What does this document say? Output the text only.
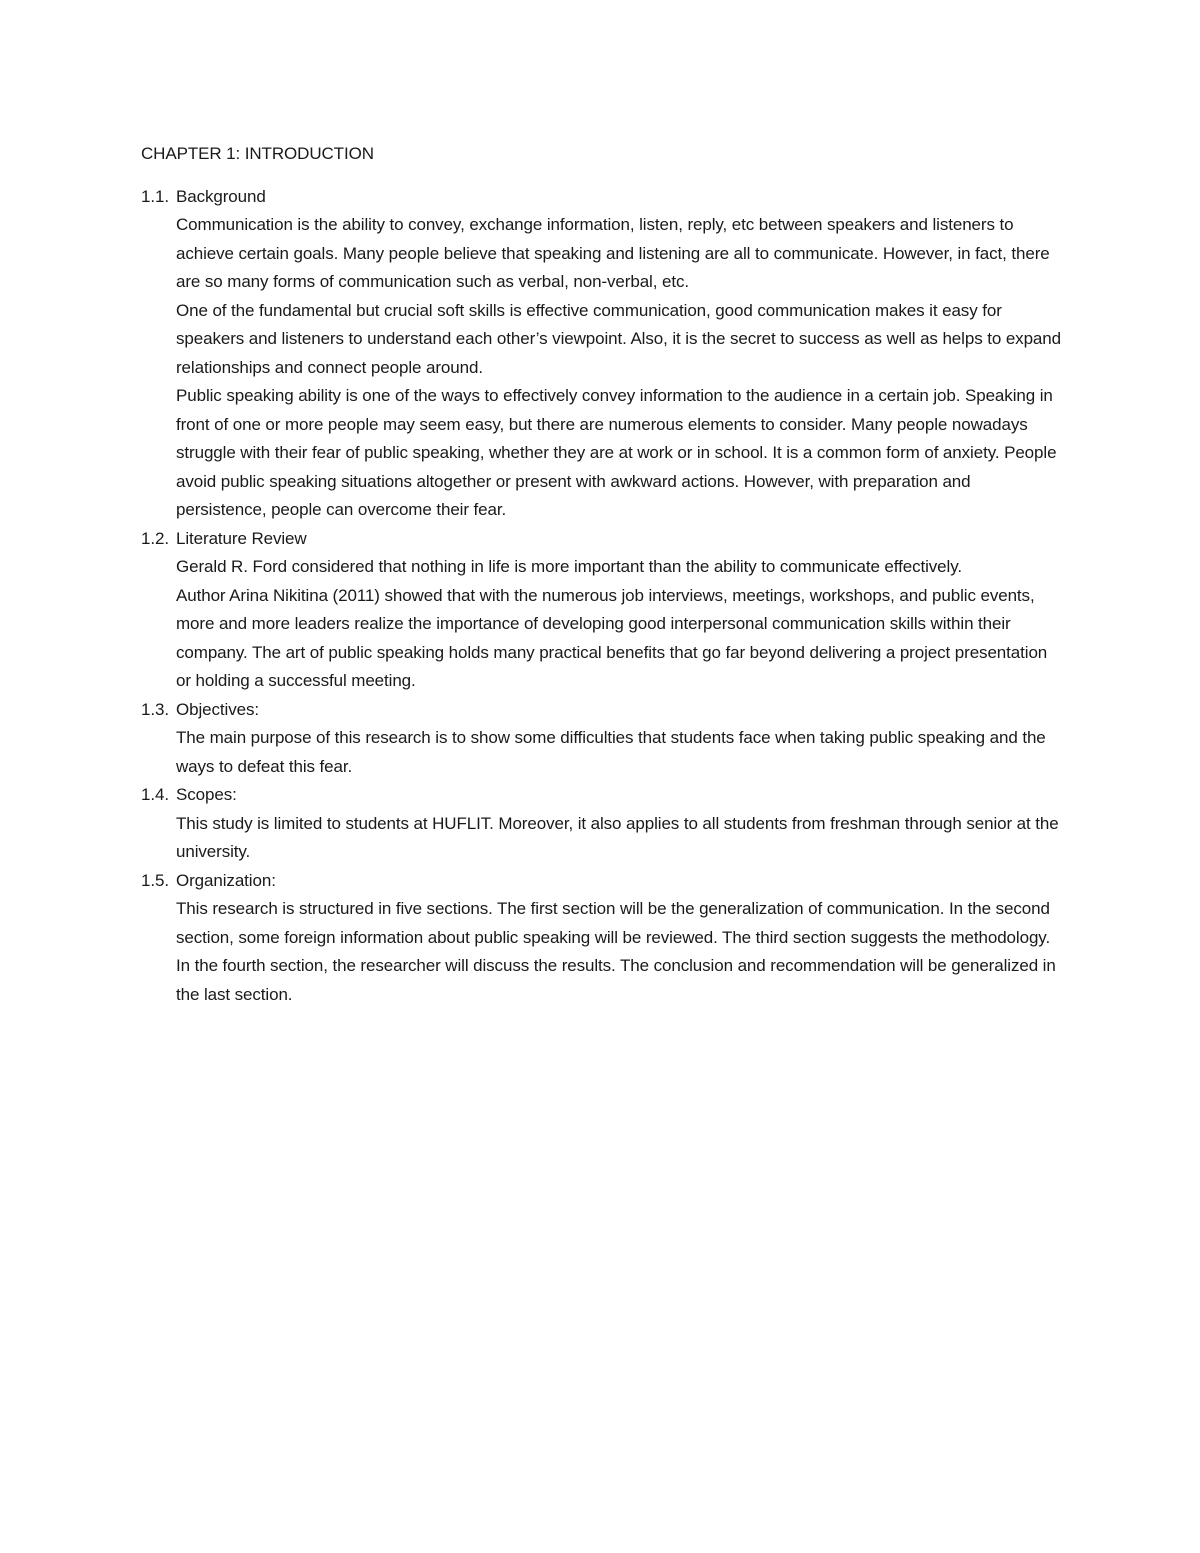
CHAPTER 1: INTRODUCTION
1.1. Background

Communication is the ability to convey, exchange information, listen, reply, etc between speakers and listeners to achieve certain goals. Many people believe that speaking and listening are all to communicate. However, in fact, there are so many forms of communication such as verbal, non-verbal, etc.

One of the fundamental but crucial soft skills is effective communication, good communication makes it easy for speakers and listeners to understand each other’s viewpoint. Also, it is the secret to success as well as helps to expand relationships and connect people around.

Public speaking ability is one of the ways to effectively convey information to the audience in a certain job. Speaking in front of one or more people may seem easy, but there are numerous elements to consider. Many people nowadays struggle with their fear of public speaking, whether they are at work or in school. It is a common form of anxiety. People avoid public speaking situations altogether or present with awkward actions. However, with preparation and persistence, people can overcome their fear.

1.2. Literature Review

Gerald R. Ford considered that nothing in life is more important than the ability to communicate effectively.

Author Arina Nikitina (2011) showed that with the numerous job interviews, meetings, workshops, and public events, more and more leaders realize the importance of developing good interpersonal communication skills within their company. The art of public speaking holds many practical benefits that go far beyond delivering a project presentation or holding a successful meeting.

1.3. Objectives:

The main purpose of this research is to show some difficulties that students face when taking public speaking and the ways to defeat this fear.

1.4. Scopes:

This study is limited to students at HUFLIT. Moreover, it also applies to all students from freshman through senior at the university.

1.5. Organization:

This research is structured in five sections. The first section will be the generalization of communication. In the second section, some foreign information about public speaking will be reviewed. The third section suggests the methodology. In the fourth section, the researcher will discuss the results. The conclusion and recommendation will be generalized in the last section.
